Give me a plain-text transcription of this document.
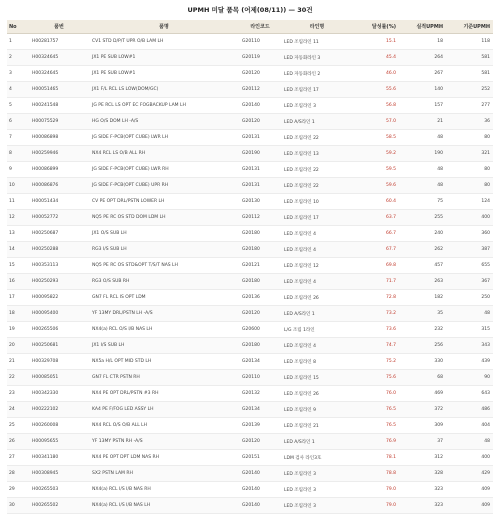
UPMH 미달 품목 (어제(08/11)) — 30건
No	품번	품명	라인코드	라인명	달성률(%)	실적UPMH	기준UPMH
1	H00281757	CV1 STD D/P/T UPR O/B LAM LH	G20110	LED 조립라인 11	15.1	18	118
2	H00324645	JX1 PE SUB LOW#1	G20119	LED 자동화라인 3	45.4	264	581
3	H00324645	JX1 PE SUB LOW#1	G20120	LED 자동화라인 2	46.0	267	581
4	H00051465	JX1 F/L RCL LS LOW(DOM/GC)	G20112	LED 조립라인 17	55.6	140	252
5	H00241548	JG PE RCL LS OPT EC FOGBACKUP LAM LH	G20140	LED 조립라인 3	56.8	157	277
6	H00075529	HG O/S DOM LH -A/S	G20120	LED A/S라인 1	57.0	21	36
7	H00086898	JG SIDE F-PCB(OPT CUBE) LWR LH	G20131	LED 조립라인 22	58.5	48	80
8	H00259946	NX4 RCL LS O/B ALL RH	G20190	LED 조립라인 13	59.2	190	321
9	H00086899	JG SIDE F-PCB(OPT CUBE) LWR RH	G20131	LED 조립라인 22	59.5	48	80
10	H00086876	JG SIDE F-PCB(OPT CUBE) UPR RH	G20131	LED 조립라인 22	59.6	48	80
11	H00051434	CV PE OPT DRL/PSTN LOWER LH	G20130	LED 조립라인 10	60.4	75	124
12	H00052772	NQ5 PE RC OS STD DOM LDM LH	G20112	LED 조립라인 17	63.7	255	400
13	H00250687	JX1 O/S SUB LH	G20180	LED 조립라인 4	66.7	240	360
14	H00250288	RG3 I/S SUB LH	G20180	LED 조립라인 4	67.7	262	387
15	H00353113	NQ5 PE RC OS STD&OPT T/S/T NAS LH	G20121	LED 조립라인 12	69.8	457	655
16	H00250293	RG3 O/S SUB RH	G20180	LED 조립라인 4	71.7	263	367
17	H00095822	GN7 FL RCL IS OPT LDM	G20136	LED 조립라인 26	72.8	182	250
18	H00095400	YF 13MY DRL/PSTN LH -A/S	G20120	LED A/S라인 1	73.2	35	48
19	H00265506	NX4(a) RCL O/S I/B NAS LH	G20600	L/G 조립 1라인	73.6	232	315
20	H00250681	JX1 I/S SUB LH	G20180	LED 조립라인 4	74.7	256	343
21	H00329708	NX5a H/L OPT MID STD LH	G20134	LED 조립라인 8	75.2	330	439
22	H00085051	GN7 FL CTR PSTN RH	G20110	LED 조립라인 15	75.6	68	90
23	H00342330	NX4 PE OPT DRL/PSTN #3 RH	G20132	LED 조립라인 26	76.0	469	643
24	H00222102	KA4 PE F/FOG LED ASSY LH	G20134	LED 조립라인 9	76.5	372	486
25	H00260008	NX4 RCL O/S O/B ALL LH	G20139	LED 조립라인 21	76.5	309	404
26	H00095655	YF 13MY PSTN RH -A/S	G20120	LED A/S라인 1	76.9	37	48
27	H00341180	NX4 PE OPT DPT LDM NAS RH	G20151	LDM 검사 라인3호	78.1	312	400
28	H00308945	SX2 PSTN LAM RH	G20140	LED 조립라인 3	78.8	328	429
29	H00265503	NX4(a) RCL I/S I/B NAS RH	G20140	LED 조립라인 3	79.0	323	409
30	H00265502	NX4(a) RCL I/S I/B NAS LH	G20140	LED 조립라인 3	79.0	323	409
